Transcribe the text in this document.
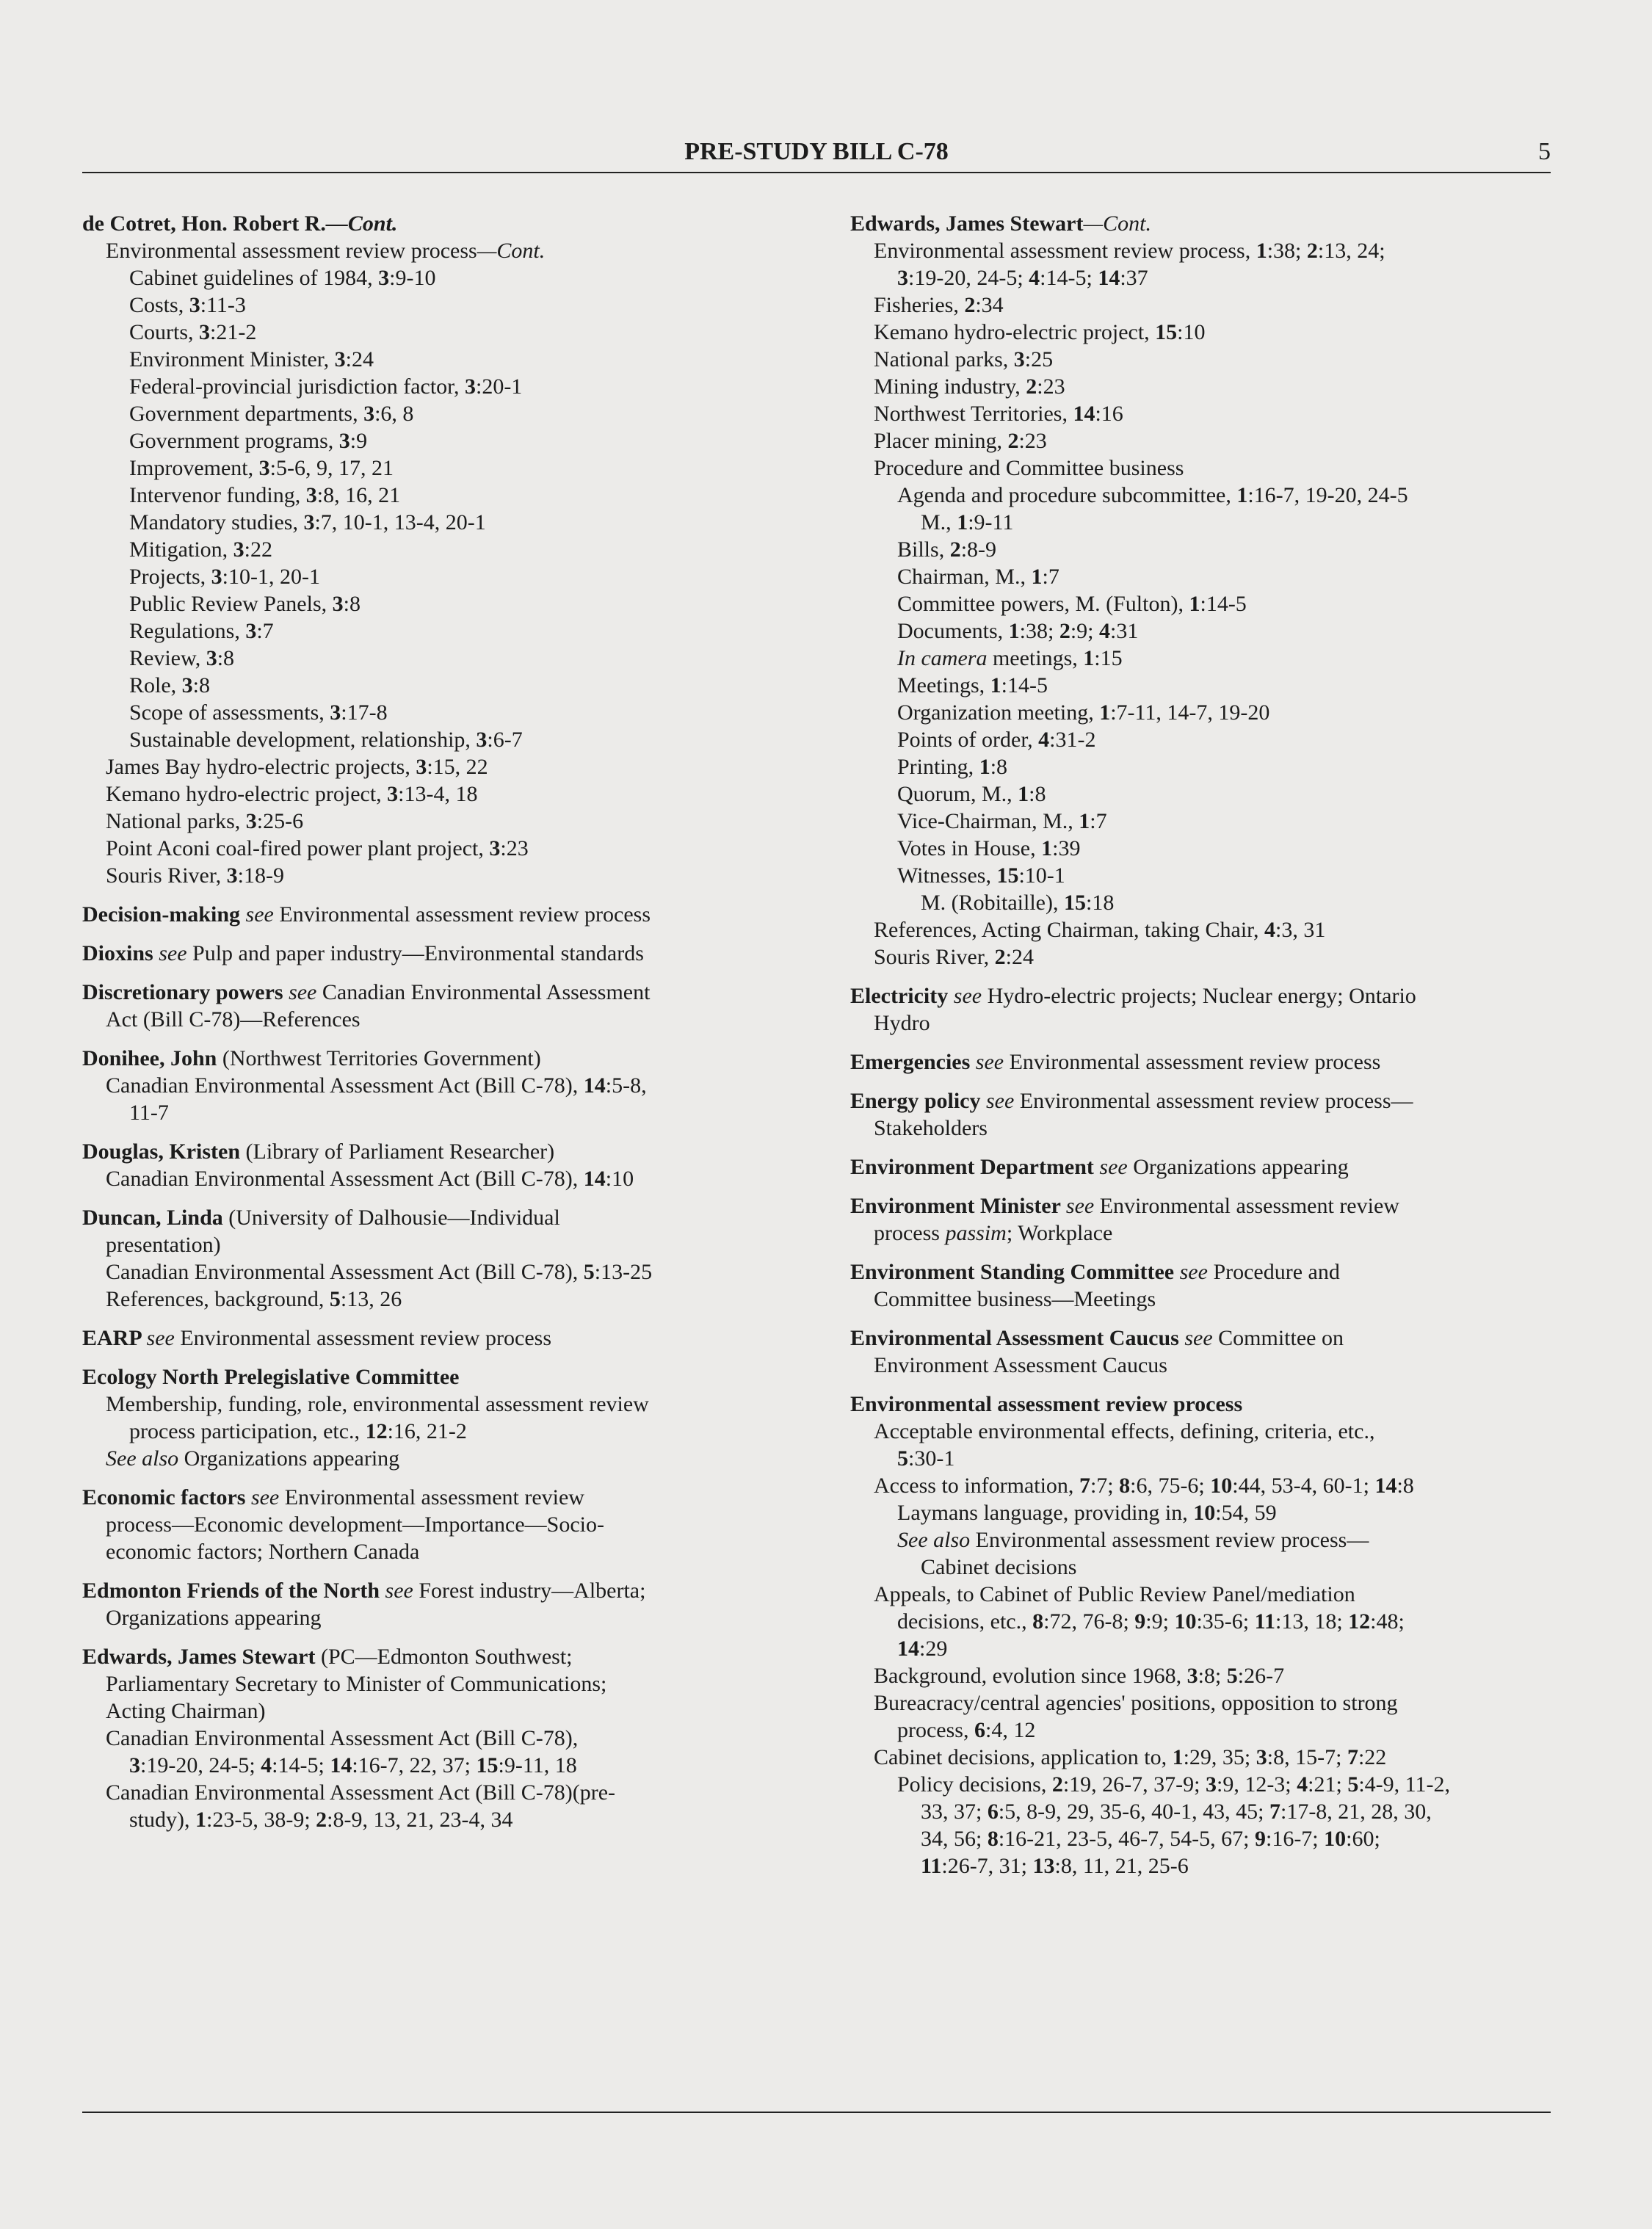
PRE-STUDY BILL C-78	5
de Cotret, Hon. Robert R.—Cont.
Environmental assessment review process—Cont.
Cabinet guidelines of 1984, 3:9-10
Costs, 3:11-3
Courts, 3:21-2
Environment Minister, 3:24
Federal-provincial jurisdiction factor, 3:20-1
Government departments, 3:6, 8
Government programs, 3:9
Improvement, 3:5-6, 9, 17, 21
Intervenor funding, 3:8, 16, 21
Mandatory studies, 3:7, 10-1, 13-4, 20-1
Mitigation, 3:22
Projects, 3:10-1, 20-1
Public Review Panels, 3:8
Regulations, 3:7
Review, 3:8
Role, 3:8
Scope of assessments, 3:17-8
Sustainable development, relationship, 3:6-7
James Bay hydro-electric projects, 3:15, 22
Kemano hydro-electric project, 3:13-4, 18
National parks, 3:25-6
Point Aconi coal-fired power plant project, 3:23
Souris River, 3:18-9
Decision-making see Environmental assessment review process
Dioxins see Pulp and paper industry—Environmental standards
Discretionary powers see Canadian Environmental Assessment
Act (Bill C-78)—References
Donihee, John (Northwest Territories Government)
Canadian Environmental Assessment Act (Bill C-78), 14:5-8,
11-7
Douglas, Kristen (Library of Parliament Researcher)
Canadian Environmental Assessment Act (Bill C-78), 14:10
Duncan, Linda (University of Dalhousie—Individual
presentation)
Canadian Environmental Assessment Act (Bill C-78), 5:13-25
References, background, 5:13, 26
EARP see Environmental assessment review process
Ecology North Prelegislative Committee
Membership, funding, role, environmental assessment review
process participation, etc., 12:16, 21-2
See also Organizations appearing
Economic factors see Environmental assessment review
process—Economic development—Importance—Socio-
economic factors; Northern Canada
Edmonton Friends of the North see Forest industry—Alberta;
Organizations appearing
Edwards, James Stewart (PC—Edmonton Southwest;
Parliamentary Secretary to Minister of Communications;
Acting Chairman)
Canadian Environmental Assessment Act (Bill C-78),
3:19-20, 24-5; 4:14-5; 14:16-7, 22, 37; 15:9-11, 18
Canadian Environmental Assessment Act (Bill C-78)(pre-
study), 1:23-5, 38-9; 2:8-9, 13, 21, 23-4, 34
Edwards, James Stewart—Cont.
Environmental assessment review process, 1:38; 2:13, 24;
3:19-20, 24-5; 4:14-5; 14:37
Fisheries, 2:34
Kemano hydro-electric project, 15:10
National parks, 3:25
Mining industry, 2:23
Northwest Territories, 14:16
Placer mining, 2:23
Procedure and Committee business
Agenda and procedure subcommittee, 1:16-7, 19-20, 24-5
M., 1:9-11
Bills, 2:8-9
Chairman, M., 1:7
Committee powers, M. (Fulton), 1:14-5
Documents, 1:38; 2:9; 4:31
In camera meetings, 1:15
Meetings, 1:14-5
Organization meeting, 1:7-11, 14-7, 19-20
Points of order, 4:31-2
Printing, 1:8
Quorum, M., 1:8
Vice-Chairman, M., 1:7
Votes in House, 1:39
Witnesses, 15:10-1
M. (Robitaille), 15:18
References, Acting Chairman, taking Chair, 4:3, 31
Souris River, 2:24
Electricity see Hydro-electric projects; Nuclear energy; Ontario
Hydro
Emergencies see Environmental assessment review process
Energy policy see Environmental assessment review process—
Stakeholders
Environment Department see Organizations appearing
Environment Minister see Environmental assessment review
process passim; Workplace
Environment Standing Committee see Procedure and
Committee business—Meetings
Environmental Assessment Caucus see Committee on
Environment Assessment Caucus
Environmental assessment review process
Acceptable environmental effects, defining, criteria, etc.,
5:30-1
Access to information, 7:7; 8:6, 75-6; 10:44, 53-4, 60-1; 14:8
Laymans language, providing in, 10:54, 59
See also Environmental assessment review process—
Cabinet decisions
Appeals, to Cabinet of Public Review Panel/mediation
decisions, etc., 8:72, 76-8; 9:9; 10:35-6; 11:13, 18; 12:48;
14:29
Background, evolution since 1968, 3:8; 5:26-7
Bureacracy/central agencies' positions, opposition to strong
process, 6:4, 12
Cabinet decisions, application to, 1:29, 35; 3:8, 15-7; 7:22
Policy decisions, 2:19, 26-7, 37-9; 3:9, 12-3; 4:21; 5:4-9, 11-2,
33, 37; 6:5, 8-9, 29, 35-6, 40-1, 43, 45; 7:17-8, 21, 28, 30,
34, 56; 8:16-21, 23-5, 46-7, 54-5, 67; 9:16-7; 10:60;
11:26-7, 31; 13:8, 11, 21, 25-6
